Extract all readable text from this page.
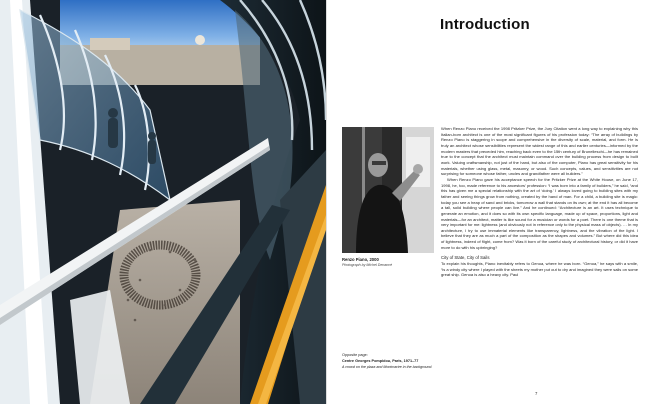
Introduction
Renzo Piano, 2000
Photograph by Michel Denancé
Opposite page:
Centre Georges Pompidou, Paris, 1971–77
A crowd on the plaza and Montmartre in the background.

When Renzo Piano received the 1998 Pritzker Prize, the Jury Citation went a long way to explaining why this Italian-born architect is one of the most significant figures of his profession today: “The array of buildings by Renzo Piano is staggering in scope and comprehensive in the diversity of scale, material, and form. He is truly an architect whose sensibilities represent the widest range of this and earlier centuries—informed by the modern masters that preceded him, reaching back even to the 15th century of Brunelleschi—he has remained true to the concept that the architect must maintain command over the building process from design to built work. Valuing craftsmanship, not just of the hand, but also of the computer, Piano has great sensitivity for his materials, whether using glass, metal, masonry, or wood. Such concepts, values, and sensitivities are not surprising for someone whose father, uncles and grandfather were all builders.”

When Renzo Piano gave his acceptance speech for the Pritzker Prize at the White House, on June 17, 1998, he, too, made reference to his ancestors’ profession: “I was born into a family of builders,” he said, “and this has given me a special relationship with the art of ‘doing.’ I always loved going to building sites with my father and seeing things grow from nothing, created by the hand of man. For a child, a building site is magic: today you see a heap of sand and bricks, tomorrow a wall that stands on its own; at the end it has all become a tall, solid building where people can live.” And he continued: “Architecture is an art. It uses technique to generate an emotion, and it does so with its own specific language, made up of space, proportions, light and materials—for an architect, matter is like sound for a musician or words for a poet. There is one theme that is very important for me: lightness (and obviously not in reference only to the physical mass of objects). … In my architecture, I try to use immaterial elements like transparency, lightness, and the vibration of the light. I believe that they are as much a part of the composition as the shapes and volumes.” But where did this idea of lightness, indeed of flight, come from? Was it born of the careful study of architectural history, or did it have more to do with his upbringing?

City of State, City of Sails

To explain his thoughts, Piano inevitably refers to Genoa, where he was born. “Genoa,” he says with a smile, “is a windy city where I played with the sheets my mother put out to dry and imagined they were sails on some great ship. Genoa is also a heavy city. Paul

7
